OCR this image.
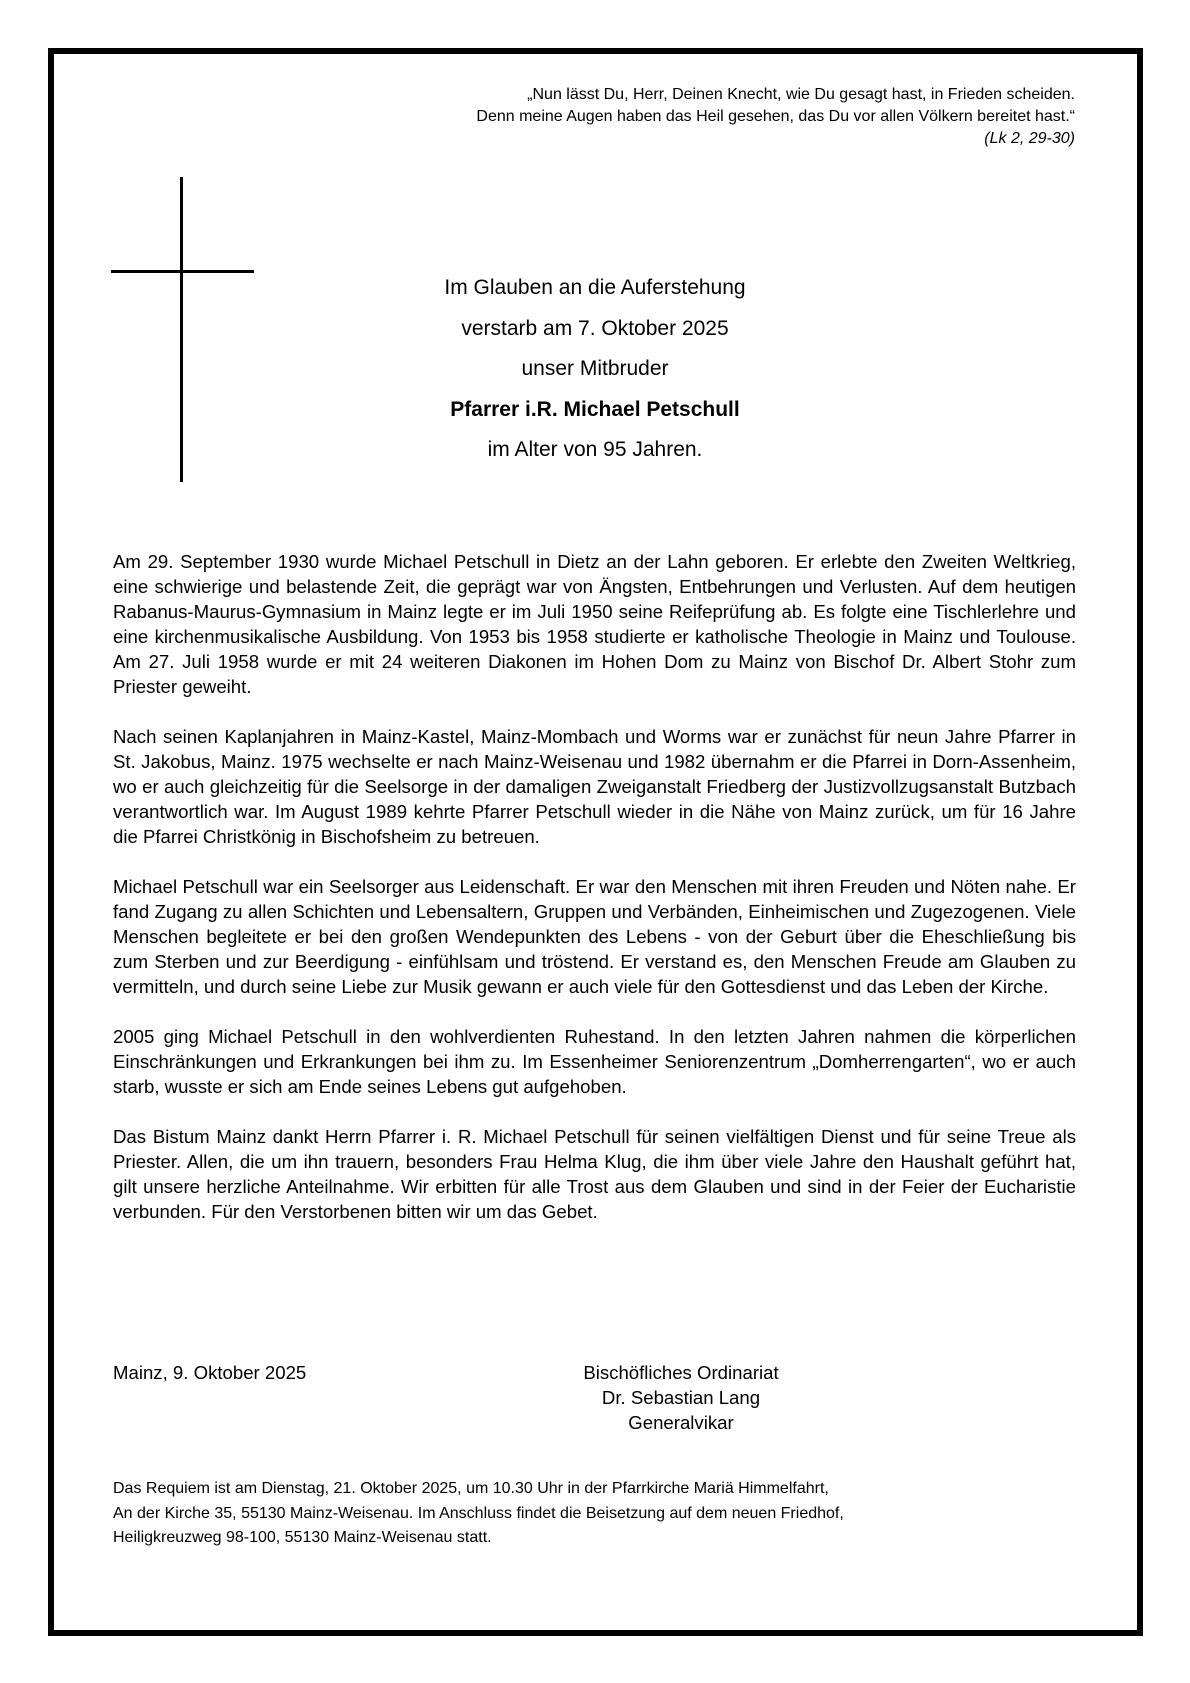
„Nun lässt Du, Herr, Deinen Knecht, wie Du gesagt hast, in Frieden scheiden.
Denn meine Augen haben das Heil gesehen, das Du vor allen Völkern bereitet hast.“
(Lk 2, 29-30)
Im Glauben an die Auferstehung
verstarb am 7. Oktober 2025
unser Mitbruder
Pfarrer i.R. Michael Petschull
im Alter von 95 Jahren.

Am 29. September 1930 wurde Michael Petschull in Dietz an der Lahn geboren. Er erlebte den Zweiten Weltkrieg, eine schwierige und belastende Zeit, die geprägt war von Ängsten, Entbehrungen und Verlusten. Auf dem heutigen Rabanus-Maurus-Gymnasium in Mainz legte er im Juli 1950 seine Reifeprüfung ab. Es folgte eine Tischlerlehre und eine kirchenmusikalische Ausbildung. Von 1953 bis 1958 studierte er katholische Theologie in Mainz und Toulouse. Am 27. Juli 1958 wurde er mit 24 weiteren Diakonen im Hohen Dom zu Mainz von Bischof Dr. Albert Stohr zum Priester geweiht.

Nach seinen Kaplanjahren in Mainz-Kastel, Mainz-Mombach und Worms war er zunächst für neun Jahre Pfarrer in St. Jakobus, Mainz. 1975 wechselte er nach Mainz-Weisenau und 1982 übernahm er die Pfarrei in Dorn-Assenheim, wo er auch gleichzeitig für die Seelsorge in der damaligen Zweiganstalt Friedberg der Justizvollzugsanstalt Butzbach verantwortlich war. Im August 1989 kehrte Pfarrer Petschull wieder in die Nähe von Mainz zurück, um für 16 Jahre die Pfarrei Christkönig in Bischofsheim zu betreuen.

Michael Petschull war ein Seelsorger aus Leidenschaft. Er war den Menschen mit ihren Freuden und Nöten nahe. Er fand Zugang zu allen Schichten und Lebensaltern, Gruppen und Verbänden, Einheimischen und Zugezogenen. Viele Menschen begleitete er bei den großen Wendepunkten des Lebens - von der Geburt über die Eheschließung bis zum Sterben und zur Beerdigung - einfühlsam und tröstend. Er verstand es, den Menschen Freude am Glauben zu vermitteln, und durch seine Liebe zur Musik gewann er auch viele für den Gottesdienst und das Leben der Kirche.

2005 ging Michael Petschull in den wohlverdienten Ruhestand. In den letzten Jahren nahmen die körperlichen Einschränkungen und Erkrankungen bei ihm zu. Im Essenheimer Seniorenzentrum „Domherrengarten“, wo er auch starb, wusste er sich am Ende seines Lebens gut aufgehoben.

Das Bistum Mainz dankt Herrn Pfarrer i. R. Michael Petschull für seinen vielfältigen Dienst und für seine Treue als Priester. Allen, die um ihn trauern, besonders Frau Helma Klug, die ihm über viele Jahre den Haushalt geführt hat, gilt unsere herzliche Anteilnahme. Wir erbitten für alle Trost aus dem Glauben und sind in der Feier der Eucharistie verbunden. Für den Verstorbenen bitten wir um das Gebet.

Mainz, 9. Oktober 2025	Bischöfliches Ordinariat
Dr. Sebastian Lang
Generalvikar
Das Requiem ist am Dienstag, 21. Oktober 2025, um 10.30 Uhr in der Pfarrkirche Mariä Himmelfahrt,
An der Kirche 35, 55130 Mainz-Weisenau. Im Anschluss findet die Beisetzung auf dem neuen Friedhof,
Heiligkreuzweg 98-100, 55130 Mainz-Weisenau statt.
